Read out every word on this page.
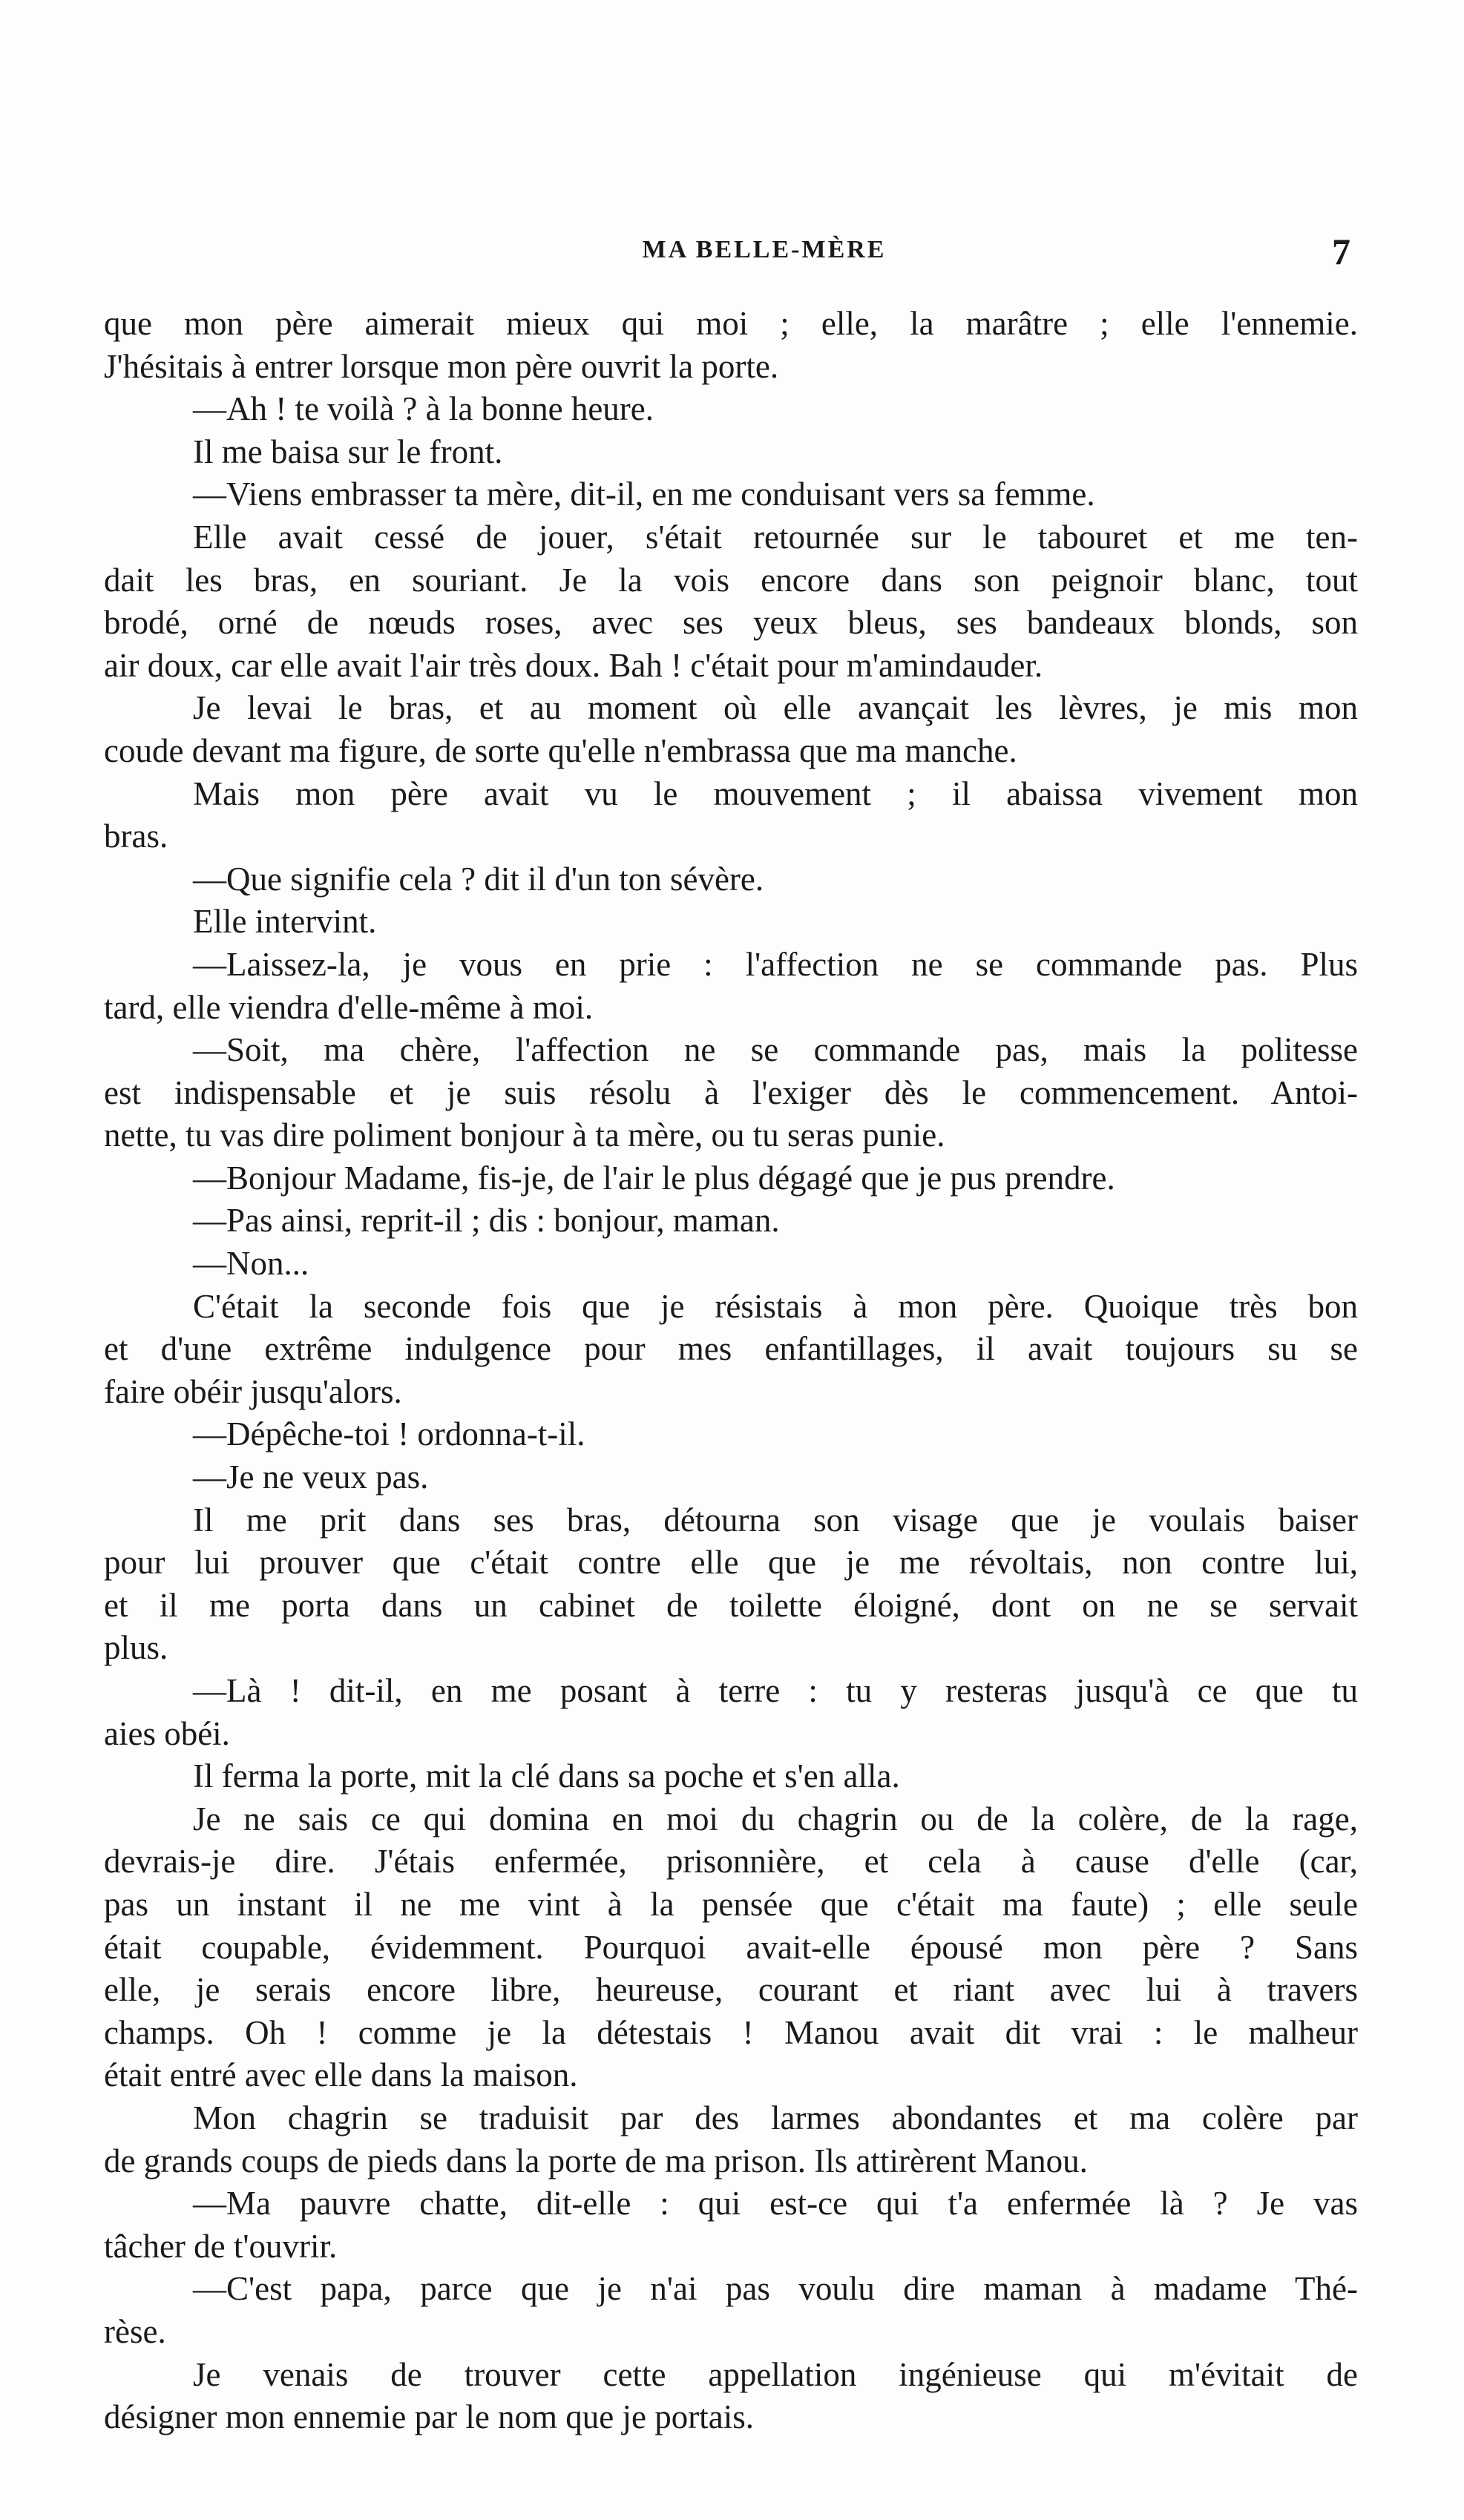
MA BELLE-MÈRE	7
que mon père aimerait mieux qui moi ; elle, la marâtre ; elle l'ennemie.
J'hésitais à entrer lorsque mon père ouvrit la porte.
—Ah ! te voilà ? à la bonne heure.
Il me baisa sur le front.
—Viens embrasser ta mère, dit-il, en me conduisant vers sa femme.
Elle avait cessé de jouer, s'était retournée sur le tabouret et me ten-
dait les bras, en souriant. Je la vois encore dans son peignoir blanc, tout
brodé, orné de nœuds roses, avec ses yeux bleus, ses bandeaux blonds, son
air doux, car elle avait l'air très doux. Bah ! c'était pour m'amindauder.
Je levai le bras, et au moment où elle avançait les lèvres, je mis mon
coude devant ma figure, de sorte qu'elle n'embrassa que ma manche.
Mais mon père avait vu le mouvement ; il abaissa vivement mon
bras.
—Que signifie cela ? dit il d'un ton sévère.
Elle intervint.
—Laissez-la, je vous en prie : l'affection ne se commande pas. Plus
tard, elle viendra d'elle-même à moi.
—Soit, ma chère, l'affection ne se commande pas, mais la politesse
est indispensable et je suis résolu à l'exiger dès le commencement. Antoi-
nette, tu vas dire poliment bonjour à ta mère, ou tu seras punie.
—Bonjour Madame, fis-je, de l'air le plus dégagé que je pus prendre.
—Pas ainsi, reprit-il ; dis : bonjour, maman.
—Non...
C'était la seconde fois que je résistais à mon père. Quoique très bon
et d'une extrême indulgence pour mes enfantillages, il avait toujours su se
faire obéir jusqu'alors.
—Dépêche-toi ! ordonna-t-il.
—Je ne veux pas.
Il me prit dans ses bras, détourna son visage que je voulais baiser
pour lui prouver que c'était contre elle que je me révoltais, non contre lui,
et il me porta dans un cabinet de toilette éloigné, dont on ne se servait
plus.
—Là ! dit-il, en me posant à terre : tu y resteras jusqu'à ce que tu
aies obéi.
Il ferma la porte, mit la clé dans sa poche et s'en alla.
Je ne sais ce qui domina en moi du chagrin ou de la colère, de la rage,
devrais-je dire. J'étais enfermée, prisonnière, et cela à cause d'elle (car,
pas un instant il ne me vint à la pensée que c'était ma faute) ; elle seule
était coupable, évidemment. Pourquoi avait-elle épousé mon père ? Sans
elle, je serais encore libre, heureuse, courant et riant avec lui à travers
champs. Oh ! comme je la détestais ! Manou avait dit vrai : le malheur
était entré avec elle dans la maison.
Mon chagrin se traduisit par des larmes abondantes et ma colère par
de grands coups de pieds dans la porte de ma prison. Ils attirèrent Manou.
—Ma pauvre chatte, dit-elle : qui est-ce qui t'a enfermée là ? Je vas
tâcher de t'ouvrir.
—C'est papa, parce que je n'ai pas voulu dire maman à madame Thé-
rèse.
Je venais de trouver cette appellation ingénieuse qui m'évitait de
désigner mon ennemie par le nom que je portais.
